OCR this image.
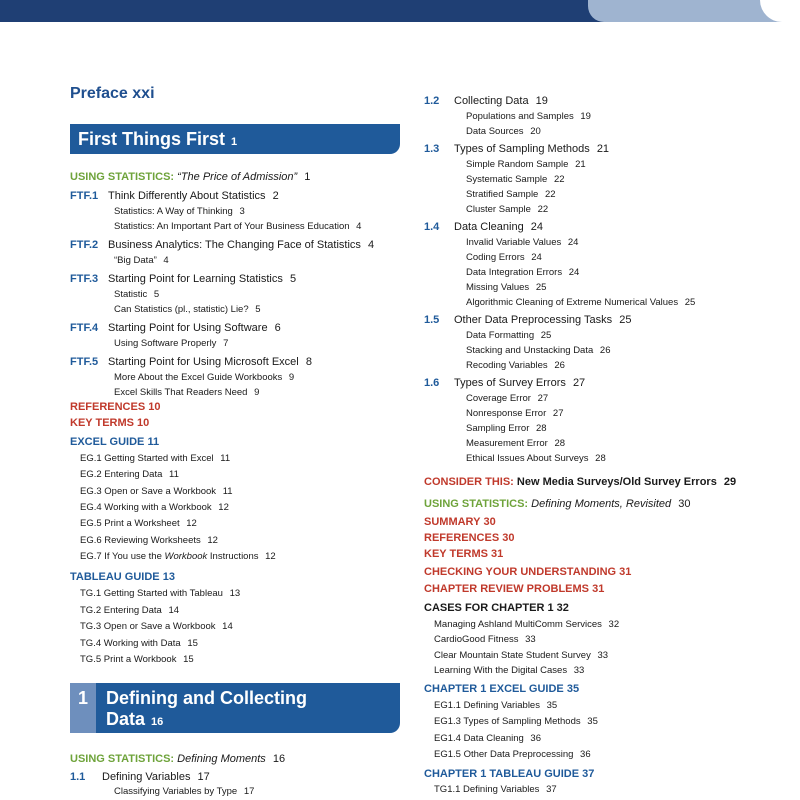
Preface xxi

First Things First 1
USING STATISTICS: “The Price of Admission” 1
FTF.1 Think Differently About Statistics 2
Statistics: A Way of Thinking 3
Statistics: An Important Part of Your Business Education 4
FTF.2 Business Analytics: The Changing Face of Statistics 4
“Big Data” 4
FTF.3 Starting Point for Learning Statistics 5
Statistic 5
Can Statistics (pl., statistic) Lie? 5
FTF.4 Starting Point for Using Software 6
Using Software Properly 7
FTF.5 Starting Point for Using Microsoft Excel 8
More About the Excel Guide Workbooks 9
Excel Skills That Readers Need 9
REFERENCES 10
KEY TERMS 10
EXCEL GUIDE 11
EG.1 Getting Started with Excel 11
EG.2 Entering Data 11
EG.3 Open or Save a Workbook 11
EG.4 Working with a Workbook 12
EG.5 Print a Worksheet 12
EG.6 Reviewing Worksheets 12
EG.7 If You use the Workbook Instructions 12
TABLEAU GUIDE 13
TG.1 Getting Started with Tableau 13
TG.2 Entering Data 14
TG.3 Open or Save a Workbook 14
TG.4 Working with Data 15
TG.5 Print a Workbook 15
1	Defining and Collecting
Data 16
USING STATISTICS: Defining Moments 16
1.1 Defining Variables 17
Classifying Variables by Type 17
1.2 Collecting Data 19
Populations and Samples 19
Data Sources 20
1.3 Types of Sampling Methods 21
Simple Random Sample 21
Systematic Sample 22
Stratified Sample 22
Cluster Sample 22
1.4 Data Cleaning 24
Invalid Variable Values 24
Coding Errors 24
Data Integration Errors 24
Missing Values 25
Algorithmic Cleaning of Extreme Numerical Values 25
1.5 Other Data Preprocessing Tasks 25
Data Formatting 25
Stacking and Unstacking Data 26
Recoding Variables 26
1.6 Types of Survey Errors 27
Coverage Error 27
Nonresponse Error 27
Sampling Error 28
Measurement Error 28
Ethical Issues About Surveys 28
CONSIDER THIS: New Media Surveys/Old Survey Errors 29
USING STATISTICS: Defining Moments, Revisited 30
SUMMARY 30
REFERENCES 30
KEY TERMS 31
CHECKING YOUR UNDERSTANDING 31
CHAPTER REVIEW PROBLEMS 31
CASES FOR CHAPTER 1 32
Managing Ashland MultiComm Services 32
CardioGood Fitness 33
Clear Mountain State Student Survey 33
Learning With the Digital Cases 33
CHAPTER 1 EXCEL GUIDE 35
EG1.1 Defining Variables 35
EG1.3 Types of Sampling Methods 35
EG1.4 Data Cleaning 36
EG1.5 Other Data Preprocessing 36
CHAPTER 1 TABLEAU GUIDE 37
TG1.1 Defining Variables 37
